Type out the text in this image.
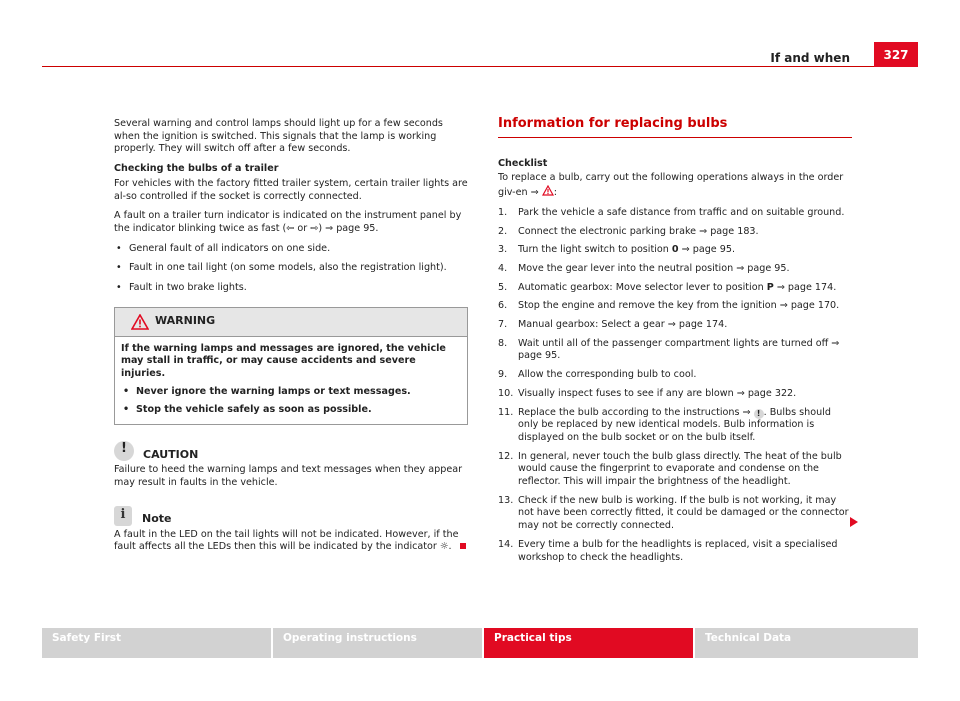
If and when	327

Several warning and control lamps should light up for a few seconds when the ignition is switched. This signals that the lamp is working properly. They will switch off after a few seconds.

Checking the bulbs of a trailer

For vehicles with the factory fitted trailer system, certain trailer lights are al-so controlled if the socket is correctly connected.

A fault on a trailer turn indicator is indicated on the instrument panel by the indicator blinking twice as fast (⇦ or ⇨) ⇒ page 95.

• General fault of all indicators on one side.
• Fault in one tail light (on some models, also the registration light).
• Fault in two brake lights.
WARNING

If the warning lamps and messages are ignored, the vehicle may stall in traffic, or may cause accidents and severe injuries.

• Never ignore the warning lamps or text messages.
• Stop the vehicle safely as soon as possible.
!	CAUTION

Failure to heed the warning lamps and text messages when they appear may result in faults in the vehicle.

i	Note

A fault in the LED on the tail lights will not be indicated. However, if the fault affects all the LEDs then this will be indicated by the indicator ☼.

Information for replacing bulbs

Checklist

To replace a bulb, carry out the following operations always in the order giv-en ⇒ :

1.	Park the vehicle a safe distance from traffic and on suitable ground.
2.	Connect the electronic parking brake ⇒ page 183.
3.	Turn the light switch to position 0 ⇒ page 95.
4.	Move the gear lever into the neutral position ⇒ page 95.
5.	Automatic gearbox: Move selector lever to position P ⇒ page 174.
6.	Stop the engine and remove the key from the ignition ⇒ page 170.
7.	Manual gearbox: Select a gear ⇒ page 174.
8.	Wait until all of the passenger compartment lights are turned off ⇒ page 95.
9.	Allow the corresponding bulb to cool.
10. Visually inspect fuses to see if any are blown ⇒ page 322.
11. Replace the bulb according to the instructions ⇒ ! . Bulbs should only be replaced by new identical models. Bulb information is displayed on the bulb socket or on the bulb itself.
12. In general, never touch the bulb glass directly. The heat of the bulb would cause the fingerprint to evaporate and condense on the reflector. This will impair the brightness of the headlight.
13. Check if the new bulb is working. If the bulb is not working, it may not have been correctly fitted, it could be damaged or the connector may not be correctly connected.
14. Every time a bulb for the headlights is replaced, visit a specialised workshop to check the headlights.
Safety First	Operating instructions	Practical tips	Technical Data
